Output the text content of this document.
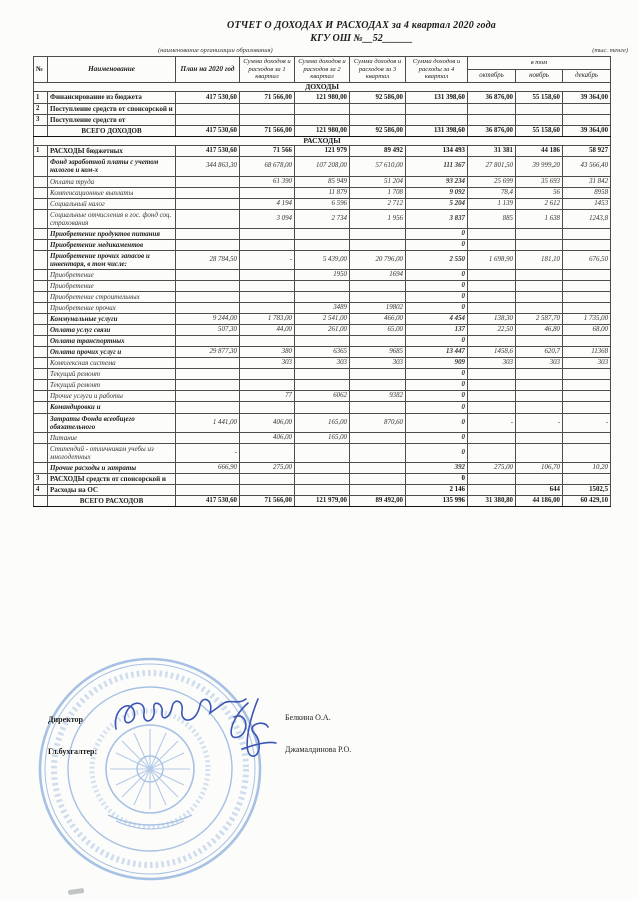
ОТЧЕТ О ДОХОДАХ И РАСХОДАХ за 4 квартал 2020 года
КГУ ОШ №__52______
(наименование организации образования)	(тыс. тенге)
№	Наименование	План на 2020 год	Сумма доходов и расходов за 1 квартал	Сумма доходов и расходов за 2 квартал	Сумма доходов и расходов за 3 квартал	Сумма доходов и расходы за 4 квартал	в том		
							октябрь	ноябрь	декабрь
ДОХОДЫ									
1	Финансирование из бюджета	417 530,60	71 566,00	121 980,00	92 586,00	131 398,60	36 876,00	55 158,60	39 364,00
2	Поступление средств от спонсорской и								
3	Поступление средств от								
	ВСЕГО ДОХОДОВ	417 530,60	71 566,00	121 980,00	92 586,00	131 398,60	36 876,00	55 158,60	39 364,00
РАСХОДЫ									
1	РАСХОДЫ бюджетных	417 530,60	71 566	121 979	89 492	134 493	31 381	44 186	58 927
	Фонд заработной платы с учетом налогов и ком-х	344 863,30	68 678,00	107 208,00	57 610,00	111 367	27 801,50	39 999,20	43 566,40
	Оплата труда		61 390	85 949	51 204	93 234	25 699	35 693	31 842
	Компенсационные выплаты			11 879	1 708	9 092	78,4	56	8958
	Социальный налог		4 194	6 596	2 712	5 204	1 139	2 612	1453
	Социальные отчисления в гос. фонд соц. страхования		3 094	2 734	1 956	3 837	885	1 638	1243,8
	Приобретение продуктов питания					0			
	Приобретение медикаментов					0			
	Приобретение прочих запасов и инвентаря, в том числе:	28 784,50	-	5 439,00	20 796,00	2 550	1 698,90	181,10	676,50
	Приобретение			1950	1694	0			
	Приобретение					0			
	Приобретение строительных					0			
	Приобретение прочих			3489	19802	0			
	Коммунальные услуги	9 244,00	1 783,00	2 541,00	466,00	4 454	138,30	2 587,70	1 735,00
	Оплата услуг связи	507,30	44,00	261,00	65,00	137	22,50	46,80	68,00
	Оплата транспортных					0			
	Оплата прочих услуг и	29 877,30	380	6365	9685	13 447	1458,6	620,7	11368
	Комплексная система		303	303	303	909	303	303	303
	Текущий ремонт					0			
	Текущий ремонт					0			
	Прочие услуги и работы		77	6062	9382	0			
	Командировки и					0			
	Затраты Фонда всеобщего обязательного	1 441,00	406,00	165,00	870,60	0	-	-	-
	Питание		406,00	165,00		0			
	Стипендий - отличникам учебы из многодетных	-				0			
	Прочие расходы и затраты	666,90	275,00			392	275,00	106,70	10,20
3	РАСХОДЫ средств от спонсорской и					0			
4	Расходы на ОС					2 146		644	1502,5
	ВСЕГО РАСХОДОВ	417 530,60	71 566,00	121 979,00	89 492,00	135 996	31 380,80	44 186,00	60 429,10
Директор	Белкина О.А.
Гл.бухгалтер:	Джамалдинова Р.О.
